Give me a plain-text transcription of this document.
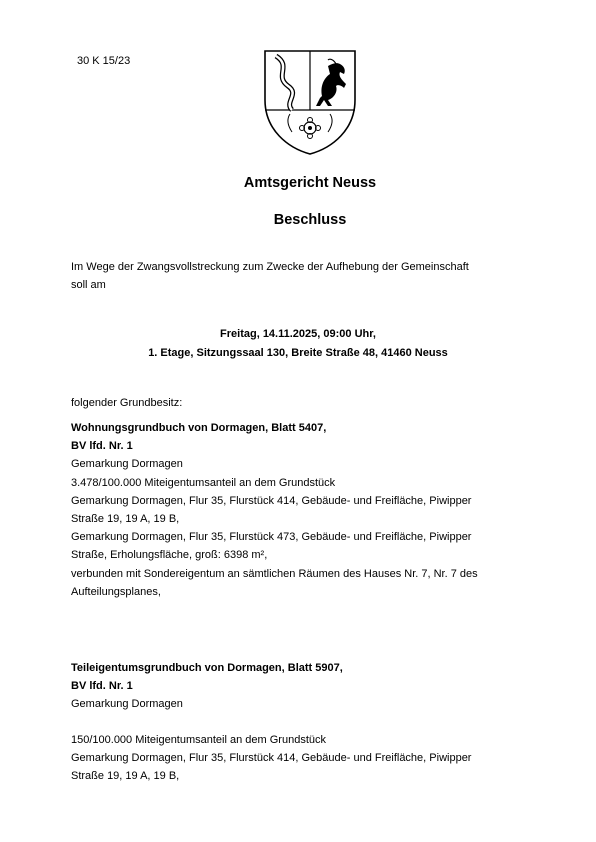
30 K 15/23
Amtsgericht Neuss
Beschluss
Im Wege der Zwangsvollstreckung zum Zwecke der Aufhebung der Gemeinschaft
soll am
Freitag, 14.11.2025, 09:00 Uhr,
1. Etage, Sitzungssaal 130, Breite Straße 48, 41460 Neuss
folgender Grundbesitz:
Wohnungsgrundbuch von Dormagen, Blatt 5407,
BV lfd. Nr. 1
Gemarkung Dormagen
3.478/100.000 Miteigentumsanteil an dem Grundstück
Gemarkung Dormagen, Flur 35, Flurstück 414, Gebäude- und Freifläche, Piwipper
Straße 19, 19 A, 19 B,
Gemarkung Dormagen, Flur 35, Flurstück 473, Gebäude- und Freifläche, Piwipper
Straße, Erholungsfläche, groß: 6398 m²,
verbunden mit Sondereigentum an sämtlichen Räumen des Hauses Nr. 7, Nr. 7 des
Aufteilungsplanes,
Teileigentumsgrundbuch von Dormagen, Blatt 5907,
BV lfd. Nr. 1
Gemarkung Dormagen
150/100.000 Miteigentumsanteil an dem Grundstück
Gemarkung Dormagen, Flur 35, Flurstück 414, Gebäude- und Freifläche, Piwipper
Straße 19, 19 A, 19 B,
